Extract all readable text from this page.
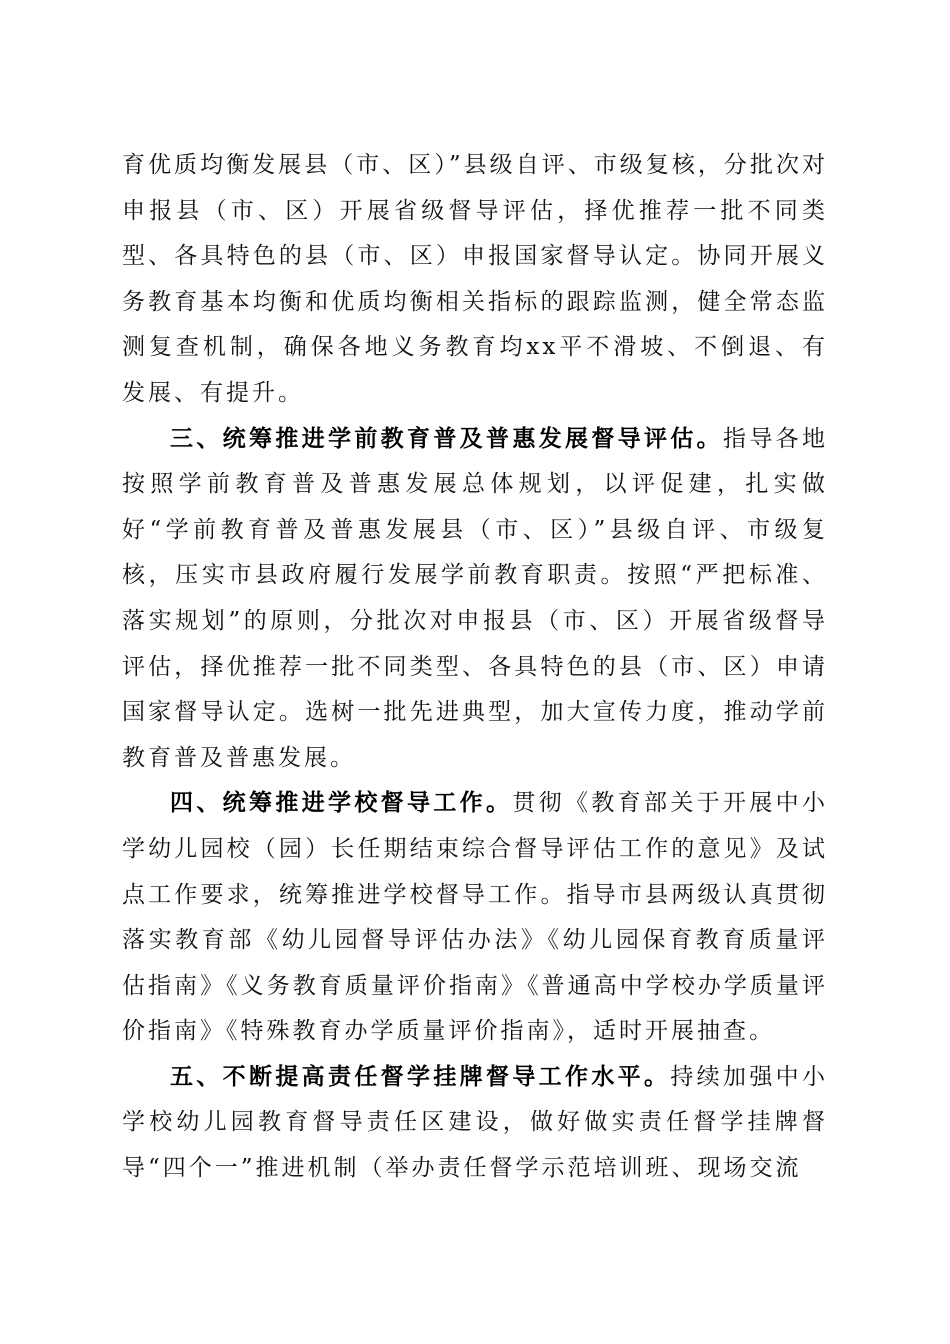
育优质均衡发展县（市、区）”县级自评、市级复核，分批次对申报县（市、区）开展省级督导评估，择优推荐一批不同类型、各具特色的县（市、区）申报国家督导认定。协同开展义务教育基本均衡和优质均衡相关指标的跟踪监测，健全常态监测复查机制，确保各地义务教育均xx平不滑坡、不倒退、有发展、有提升。

三、统筹推进学前教育普及普惠发展督导评估。指导各地按照学前教育普及普惠发展总体规划，以评促建，扎实做好“学前教育普及普惠发展县（市、区）”县级自评、市级复核，压实市县政府履行发展学前教育职责。按照“严把标准、落实规划”的原则，分批次对申报县（市、区）开展省级督导评估，择优推荐一批不同类型、各具特色的县（市、区）申请国家督导认定。选树一批先进典型，加大宣传力度，推动学前教育普及普惠发展。

四、统筹推进学校督导工作。贯彻《教育部关于开展中小学幼儿园校（园）长任期结束综合督导评估工作的意见》及试点工作要求，统筹推进学校督导工作。指导市县两级认真贯彻落实教育部《幼儿园督导评估办法》《幼儿园保育教育质量评估指南》《义务教育质量评价指南》《普通高中学校办学质量评价指南》《特殊教育办学质量评价指南》，适时开展抽查。

五、不断提高责任督学挂牌督导工作水平。持续加强中小学校幼儿园教育督导责任区建设，做好做实责任督学挂牌督导“四个一”推进机制（举办责任督学示范培训班、现场交流
